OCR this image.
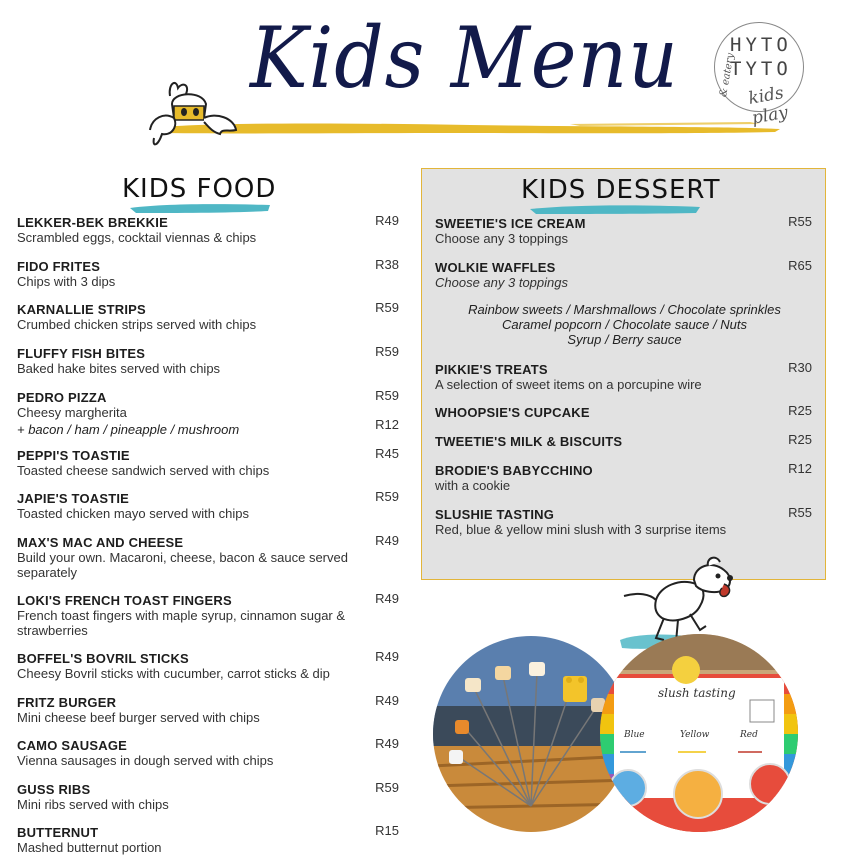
Kids Menu	HYTO
TYTO
kids play
& eatery
KIDS FOOD
LEKKER-BEK BREKKIE
Scrambled eggs, cocktail viennas & chips
R49
FIDO FRITES
Chips with 3 dips
R38
KARNALLIE STRIPS
Crumbed chicken strips served with chips
R59
FLUFFY FISH BITES
Baked hake bites served with chips
R59
PEDRO PIZZA
Cheesy margherita
+ bacon / ham / pineapple / mushroom
R59
R12
PEPPI'S TOASTIE
Toasted cheese sandwich served with chips
R45
JAPIE'S TOASTIE
Toasted chicken mayo served with chips
R59
MAX'S MAC AND CHEESE
Build your own. Macaroni, cheese, bacon & sauce served separately
R49
LOKI'S FRENCH TOAST FINGERS
French toast fingers with maple syrup, cinnamon sugar & strawberries
R49
BOFFEL'S BOVRIL STICKS
Cheesy Bovril sticks with cucumber, carrot sticks & dip
R49
FRITZ BURGER
Mini cheese beef burger served with chips
R49
CAMO SAUSAGE
Vienna sausages in dough served with chips
R49
GUSS RIBS
Mini ribs served with chips
R59
BUTTERNUT
Mashed butternut portion
R15
KIDS DESSERT
SWEETIE'S ICE CREAM
Choose any 3 toppings
R55
WOLKIE WAFFLES
Choose any 3 toppings
R65
Rainbow sweets / Marshmallows / Chocolate sprinkles
Caramel popcorn / Chocolate sauce / Nuts
Syrup / Berry sauce
PIKKIE'S TREATS
A selection of sweet items on a porcupine wire
R30
WHOOPSIE'S CUPCAKE	R25
TWEETIE'S MILK & BISCUITS	R25
BRODIE'S BABYCCHINO
with a cookie
R12
SLUSHIE TASTING
Red, blue & yellow mini slush with 3 surprise items
R55
slush tasting
Blue	Yellow	Red
